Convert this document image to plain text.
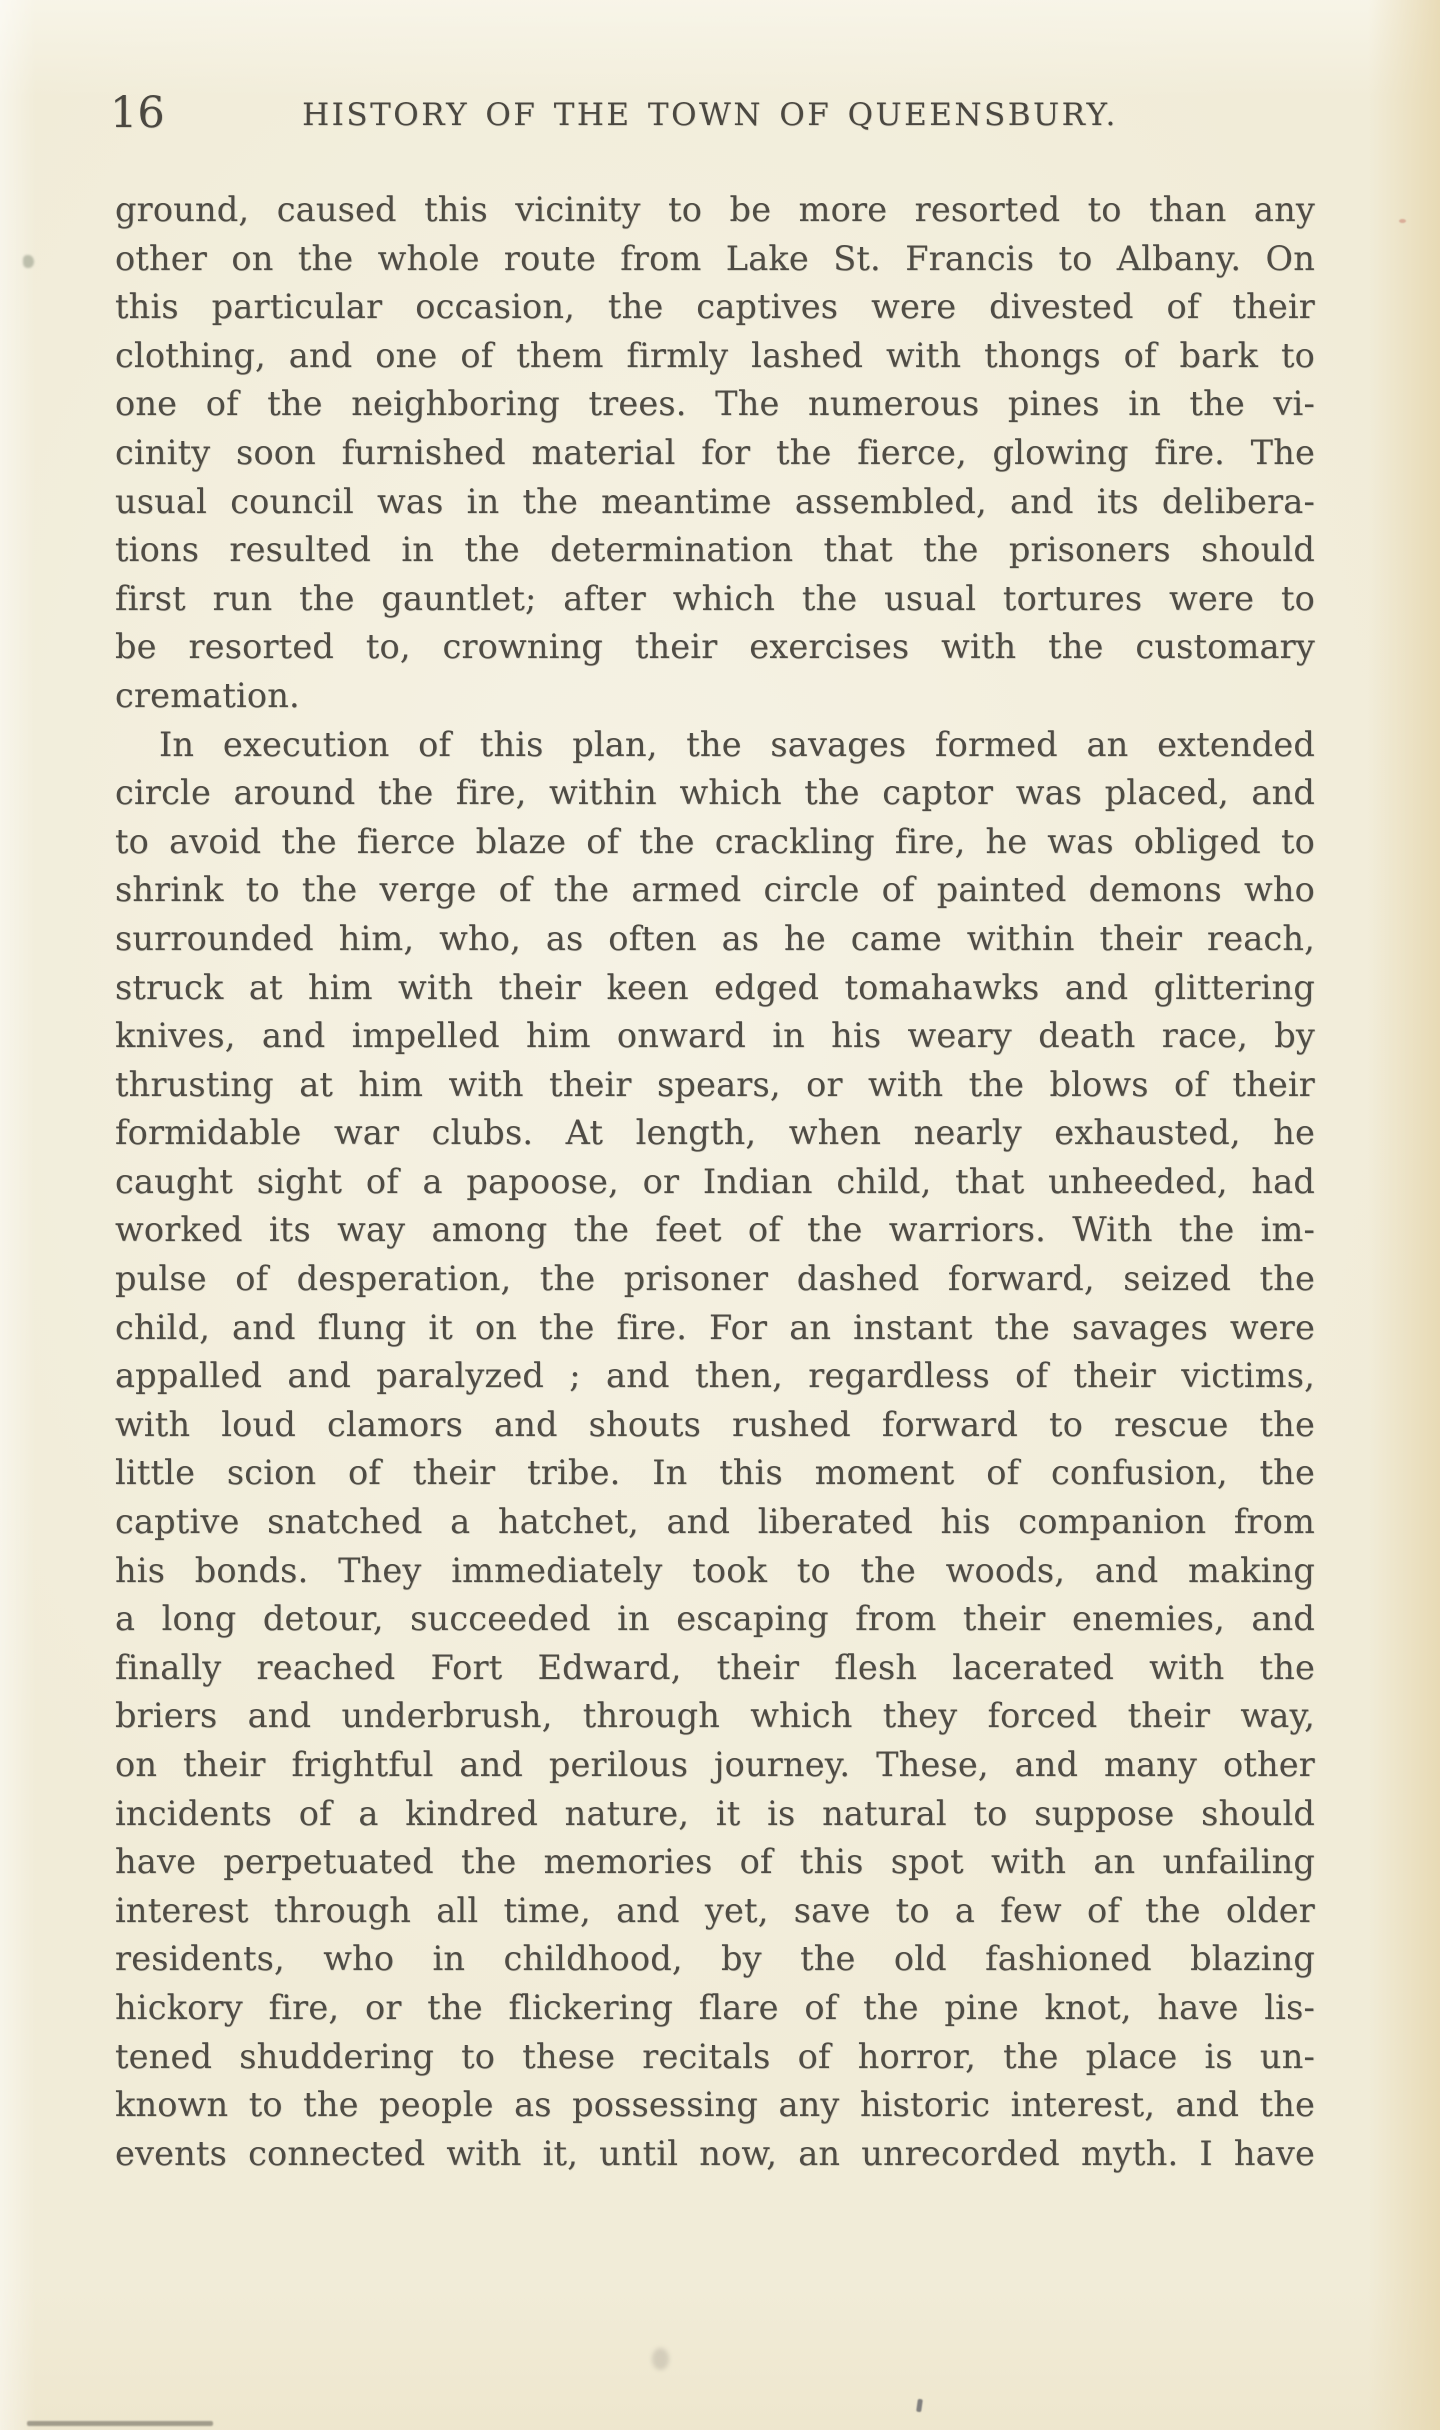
16	HISTORY OF THE TOWN OF QUEENSBURY.
ground, caused this vicinity to be more resorted to than any
other on the whole route from Lake St. Francis to Albany. On
this particular occasion, the captives were divested of their
clothing, and one of them firmly lashed with thongs of bark to
one of the neighboring trees. The numerous pines in the vi-
cinity soon furnished material for the fierce, glowing fire. The
usual council was in the meantime assembled, and its delibera-
tions resulted in the determination that the prisoners should
first run the gauntlet; after which the usual tortures were to
be resorted to, crowning their exercises with the customary
cremation.
In execution of this plan, the savages formed an extended
circle around the fire, within which the captor was placed, and
to avoid the fierce blaze of the crackling fire, he was obliged to
shrink to the verge of the armed circle of painted demons who
surrounded him, who, as often as he came within their reach,
struck at him with their keen edged tomahawks and glittering
knives, and impelled him onward in his weary death race, by
thrusting at him with their spears, or with the blows of their
formidable war clubs. At length, when nearly exhausted, he
caught sight of a papoose, or Indian child, that unheeded, had
worked its way among the feet of the warriors. With the im-
pulse of desperation, the prisoner dashed forward, seized the
child, and flung it on the fire. For an instant the savages were
appalled and paralyzed ; and then, regardless of their victims,
with loud clamors and shouts rushed forward to rescue the
little scion of their tribe. In this moment of confusion, the
captive snatched a hatchet, and liberated his companion from
his bonds. They immediately took to the woods, and making
a long detour, succeeded in escaping from their enemies, and
finally reached Fort Edward, their flesh lacerated with the
briers and underbrush, through which they forced their way,
on their frightful and perilous journey. These, and many other
incidents of a kindred nature, it is natural to suppose should
have perpetuated the memories of this spot with an unfailing
interest through all time, and yet, save to a few of the older
residents, who in childhood, by the old fashioned blazing
hickory fire, or the flickering flare of the pine knot, have lis-
tened shuddering to these recitals of horror, the place is un-
known to the people as possessing any historic interest, and the
events connected with it, until now, an unrecorded myth. I have
